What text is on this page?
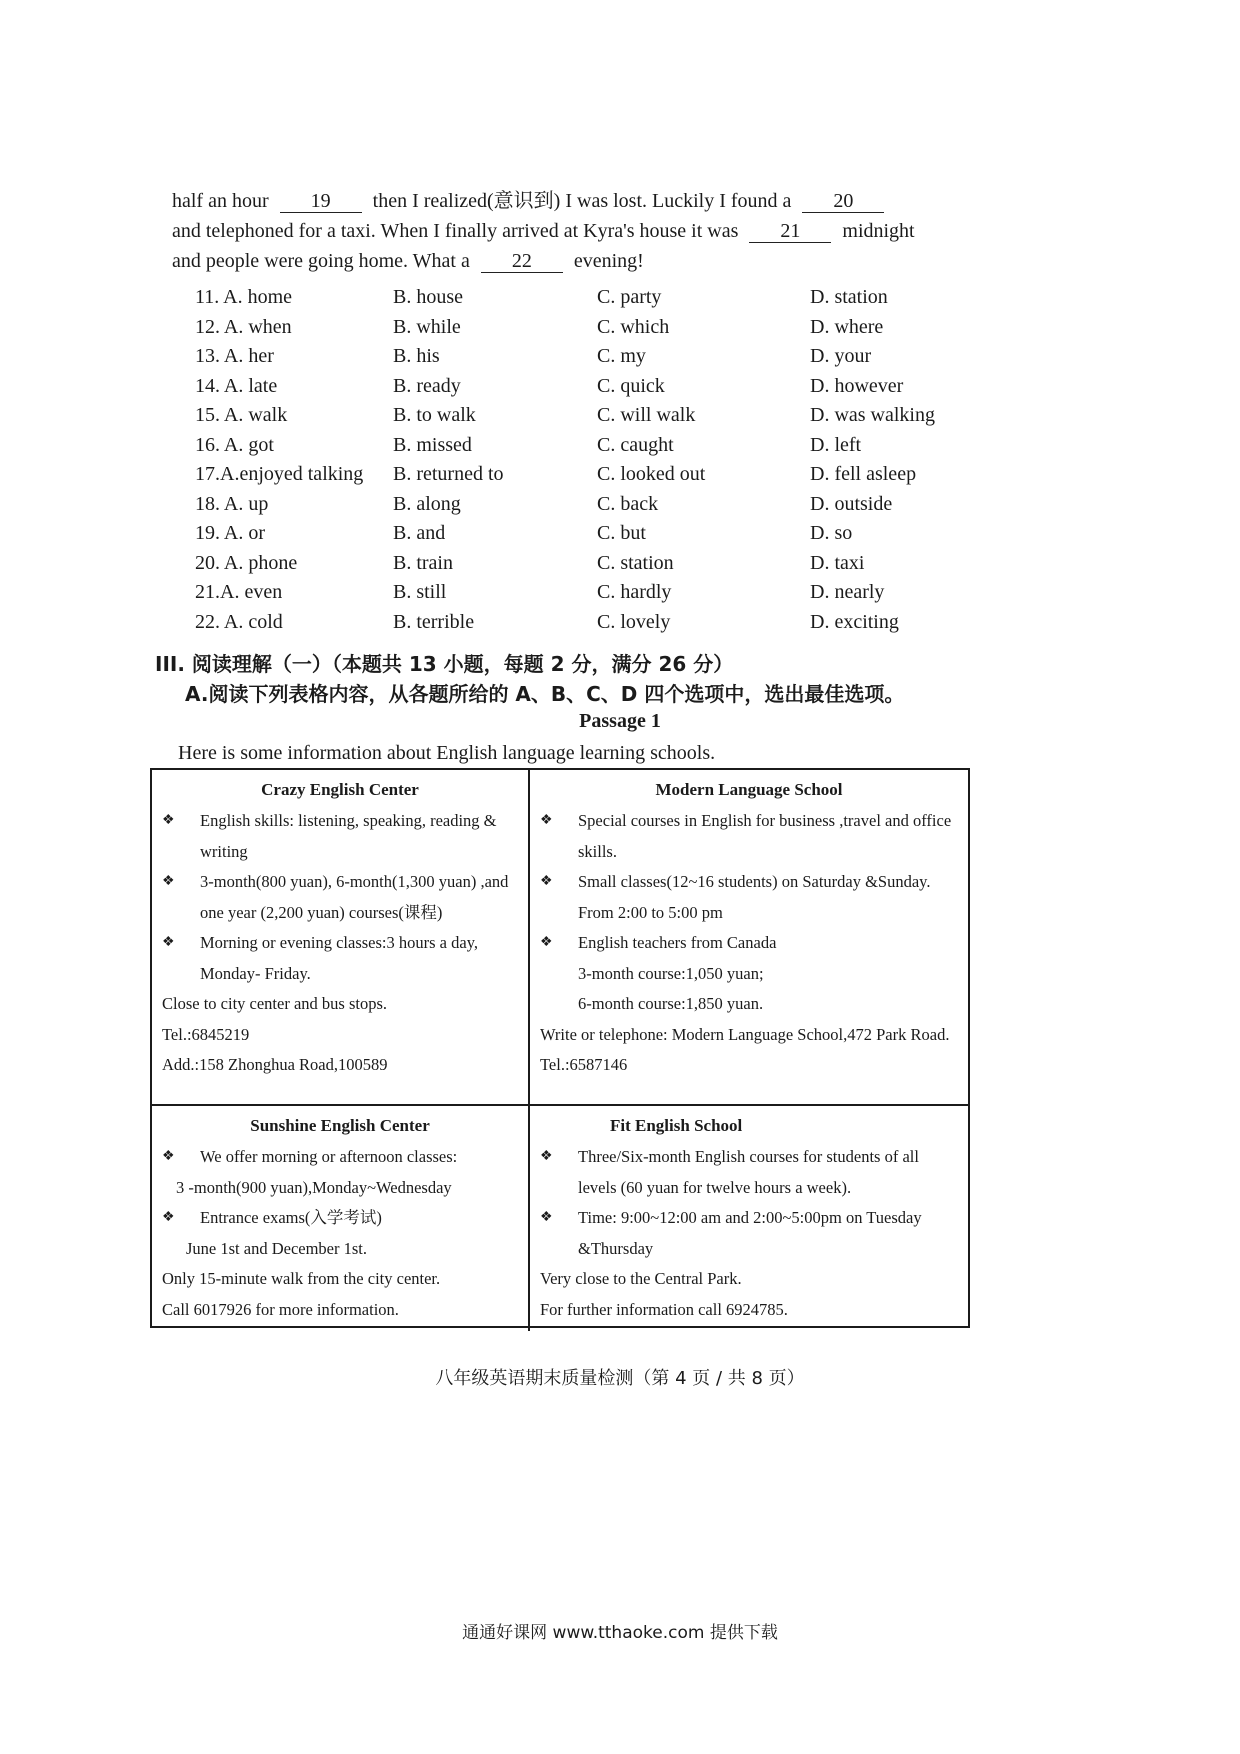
half an hour 19 then I realized(意识到) I was lost. Luckily I found a 20
and telephoned for a taxi. When I finally arrived at Kyra's house it was 21 midnight
and people were going home. What a 22 evening!
11. A. home	B. house	C. party	D. station
12. A. when	B. while	C. which	D. where
13. A. her	B. his	C. my	D. your
14. A. late	B. ready	C. quick	D. however
15. A. walk	B. to walk	C. will walk	D. was walking
16. A. got	B. missed	C. caught	D. left
17.A.enjoyed talking	B. returned to	C. looked out	D. fell asleep
18. A. up	B. along	C. back	D. outside
19. A. or	B. and	C. but	D. so
20. A. phone	B. train	C. station	D. taxi
21.A. even	B. still	C. hardly	D. nearly
22. A. cold	B. terrible	C. lovely	D. exciting
III. 阅读理解（一）（本题共 13 小题，每题 2 分，满分 26 分）
A.阅读下列表格内容，从各题所给的 A、B、C、D 四个选项中，选出最佳选项。
Passage 1
Here is some information about English language learning schools.
Crazy English Center
❖	English skills: listening, speaking, reading & writing
❖	3-month(800 yuan), 6-month(1,300 yuan) ,and one year (2,200 yuan) courses(课程)
❖	Morning or evening classes:3 hours a day, Monday- Friday.
Close to city center and bus stops.
Tel.:6845219
Add.:158 Zhonghua Road,100589
Modern Language School
❖	Special courses in English for business ,travel and office skills.
❖	Small classes(12~16 students) on Saturday &Sunday. From 2:00 to 5:00 pm
❖	English teachers from Canada
3-month course:1,050 yuan;
6-month course:1,850 yuan.
Write or telephone: Modern Language School,472 Park Road.
Tel.:6587146
Sunshine English Center
❖	We offer morning or afternoon classes:
3 -month(900 yuan),Monday~Wednesday
❖	Entrance exams(入学考试)
June 1st and December 1st.
Only 15-minute walk from the city center.
Call 6017926 for more information.
Fit English School
❖	Three/Six-month English courses for students of all levels (60 yuan for twelve hours a week).
❖	Time: 9:00~12:00 am and 2:00~5:00pm on Tuesday &Thursday
Very close to the Central Park.
For further information call 6924785.
八年级英语期末质量检测（第 4 页 / 共 8 页）
通通好课网 www.tthaoke.com 提供下载
